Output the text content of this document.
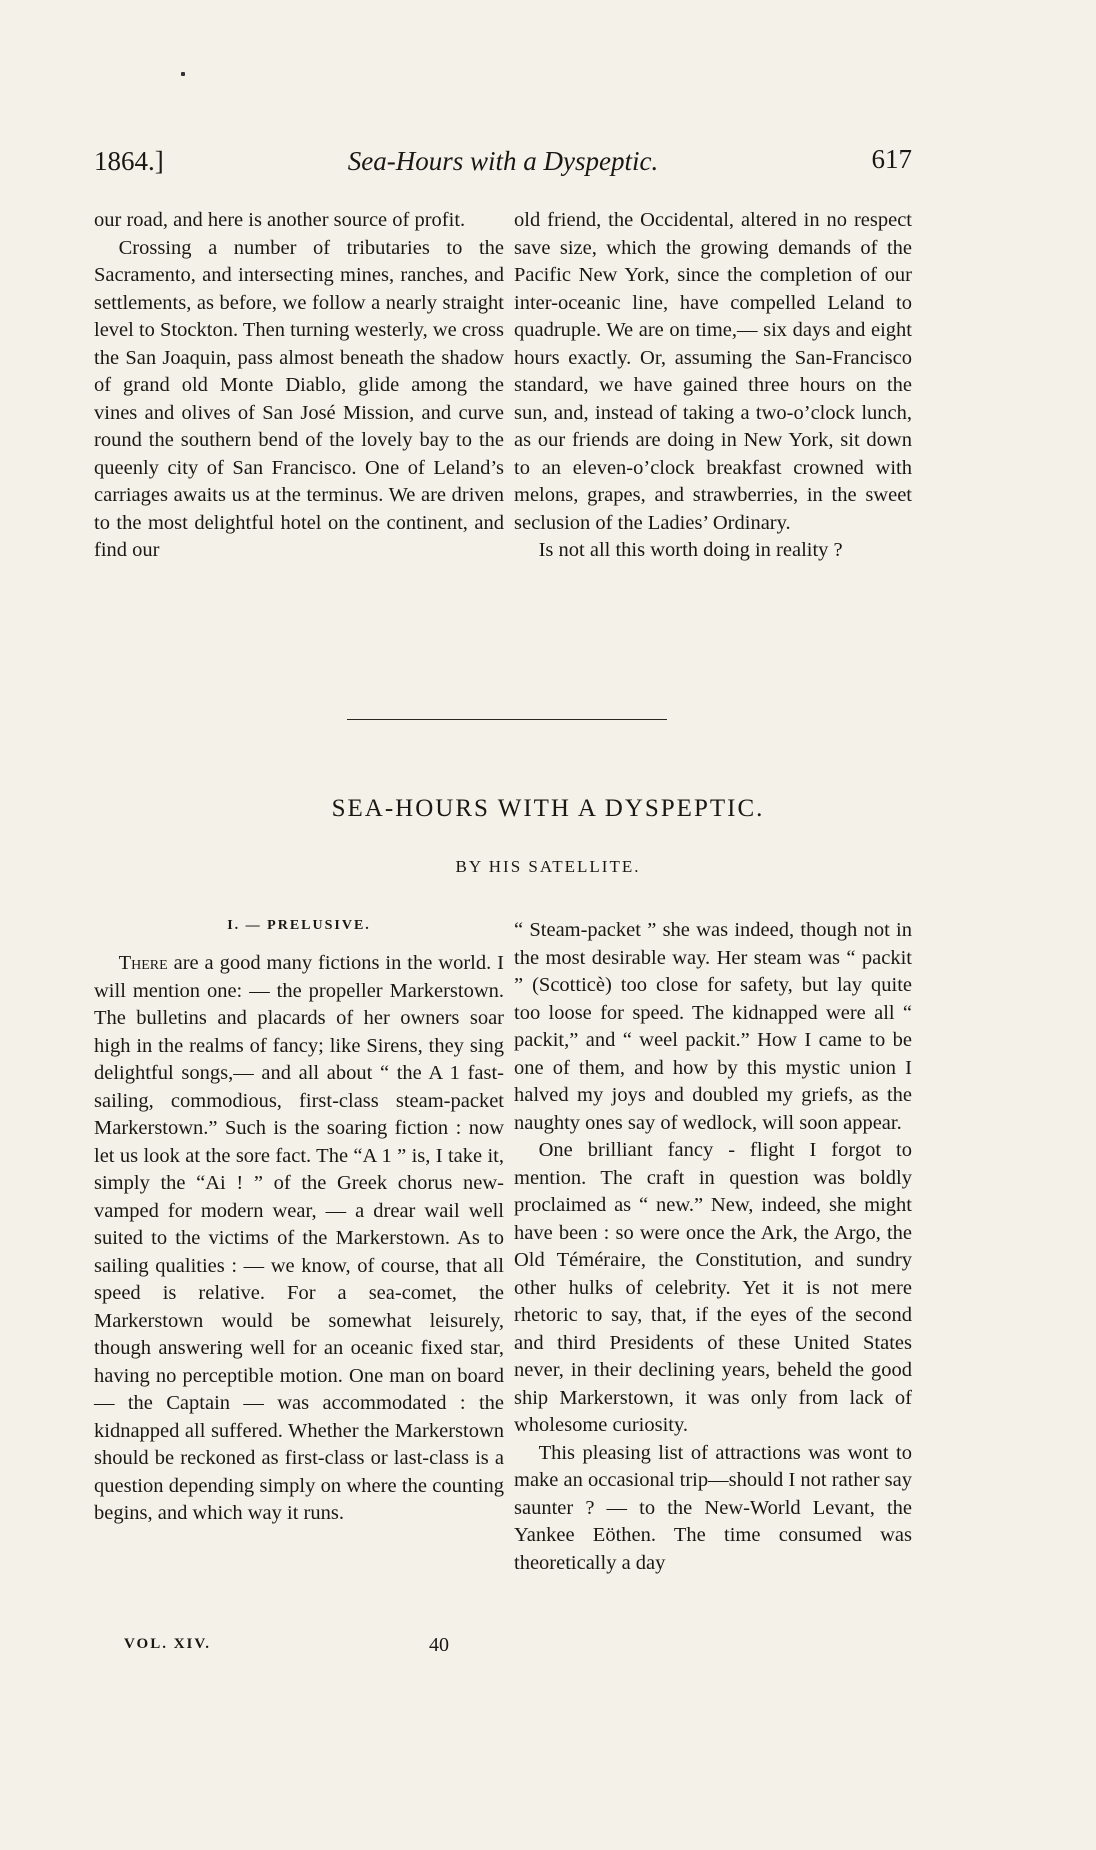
1864.]	Sea-Hours with a Dyspeptic.	617

our road, and here is another source of profit.

Crossing a number of tributaries to the Sacramento, and intersecting mines, ranches, and settlements, as before, we follow a nearly straight level to Stockton. Then turning westerly, we cross the San Joaquin, pass almost beneath the shadow of grand old Monte Diablo, glide among the vines and olives of San José Mission, and curve round the southern bend of the lovely bay to the queenly city of San Francisco. One of Leland’s carriages awaits us at the terminus. We are driven to the most delightful hotel on the continent, and find our

old friend, the Occidental, altered in no respect save size, which the growing demands of the Pacific New York, since the completion of our inter-oceanic line, have compelled Leland to quadruple. We are on time,— six days and eight hours exactly. Or, assuming the San-Francisco standard, we have gained three hours on the sun, and, instead of taking a two-o’clock lunch, as our friends are doing in New York, sit down to an eleven-o’clock breakfast crowned with melons, grapes, and strawberries, in the sweet seclusion of the Ladies’ Ordinary.

Is not all this worth doing in reality ?

SEA-HOURS WITH A DYSPEPTIC.
BY HIS SATELLITE.
I. — PRELUSIVE.

There are a good many fictions in the world. I will mention one: — the propeller Markerstown. The bulletins and placards of her owners soar high in the realms of fancy; like Sirens, they sing delightful songs,— and all about “ the A 1 fast-sailing, commodious, first-class steam-packet Markerstown.” Such is the soaring fiction : now let us look at the sore fact. The “A 1 ” is, I take it, simply the “Ai ! ” of the Greek chorus new-vamped for modern wear, — a drear wail well suited to the victims of the Markerstown. As to sailing qualities : — we know, of course, that all speed is relative. For a sea-comet, the Markerstown would be somewhat leisurely, though answering well for an oceanic fixed star, having no perceptible motion. One man on board — the Captain — was accommodated : the kidnapped all suffered. Whether the Markerstown should be reckoned as first-class or last-class is a question depending simply on where the counting begins, and which way it runs.

“ Steam-packet ” she was indeed, though not in the most desirable way. Her steam was “ packit ” (Scotticè) too close for safety, but lay quite too loose for speed. The kidnapped were all “ packit,” and “ weel packit.” How I came to be one of them, and how by this mystic union I halved my joys and doubled my griefs, as the naughty ones say of wedlock, will soon appear.

One brilliant fancy - flight I forgot to mention. The craft in question was boldly proclaimed as “ new.” New, indeed, she might have been : so were once the Ark, the Argo, the Old Téméraire, the Constitution, and sundry other hulks of celebrity. Yet it is not mere rhetoric to say, that, if the eyes of the second and third Presidents of these United States never, in their declining years, beheld the good ship Markerstown, it was only from lack of wholesome curiosity.

This pleasing list of attractions was wont to make an occasional trip—should I not rather say saunter ? — to the New-World Levant, the Yankee Eöthen. The time consumed was theoretically a day

VOL. XIV.	40
